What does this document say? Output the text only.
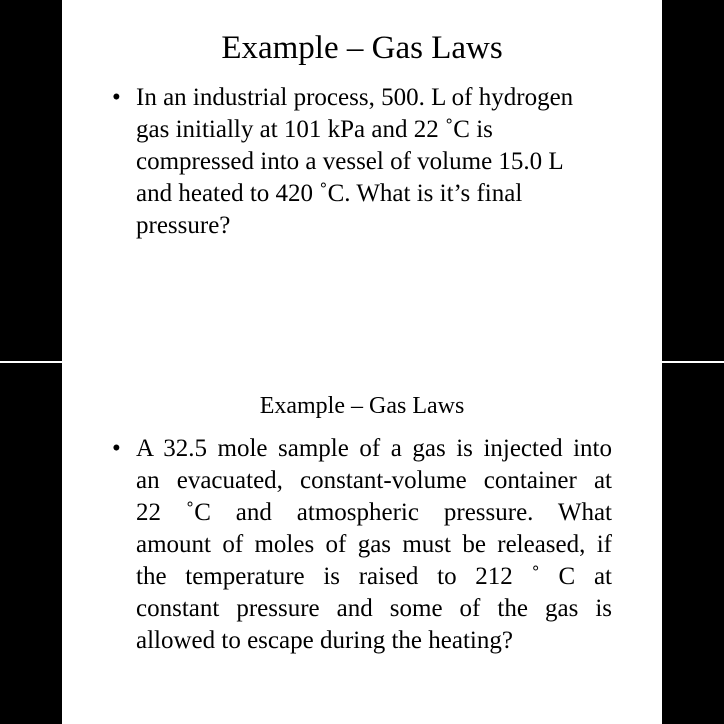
Example – Gas Laws
• In an industrial process, 500. L of hydrogen
gas initially at 101 kPa and 22 ˚C is
compressed into a vessel of volume 15.0 L
and heated to 420 ˚C. What is it’s final
pressure?
Example – Gas Laws
• A 32.5 mole sample of a gas is injected into
an evacuated, constant-volume container at
22 ˚C and atmospheric pressure. What
amount of moles of gas must be released, if
the temperature is raised to 212 ˚ C at
constant pressure and some of the gas is
allowed to escape during the heating?
